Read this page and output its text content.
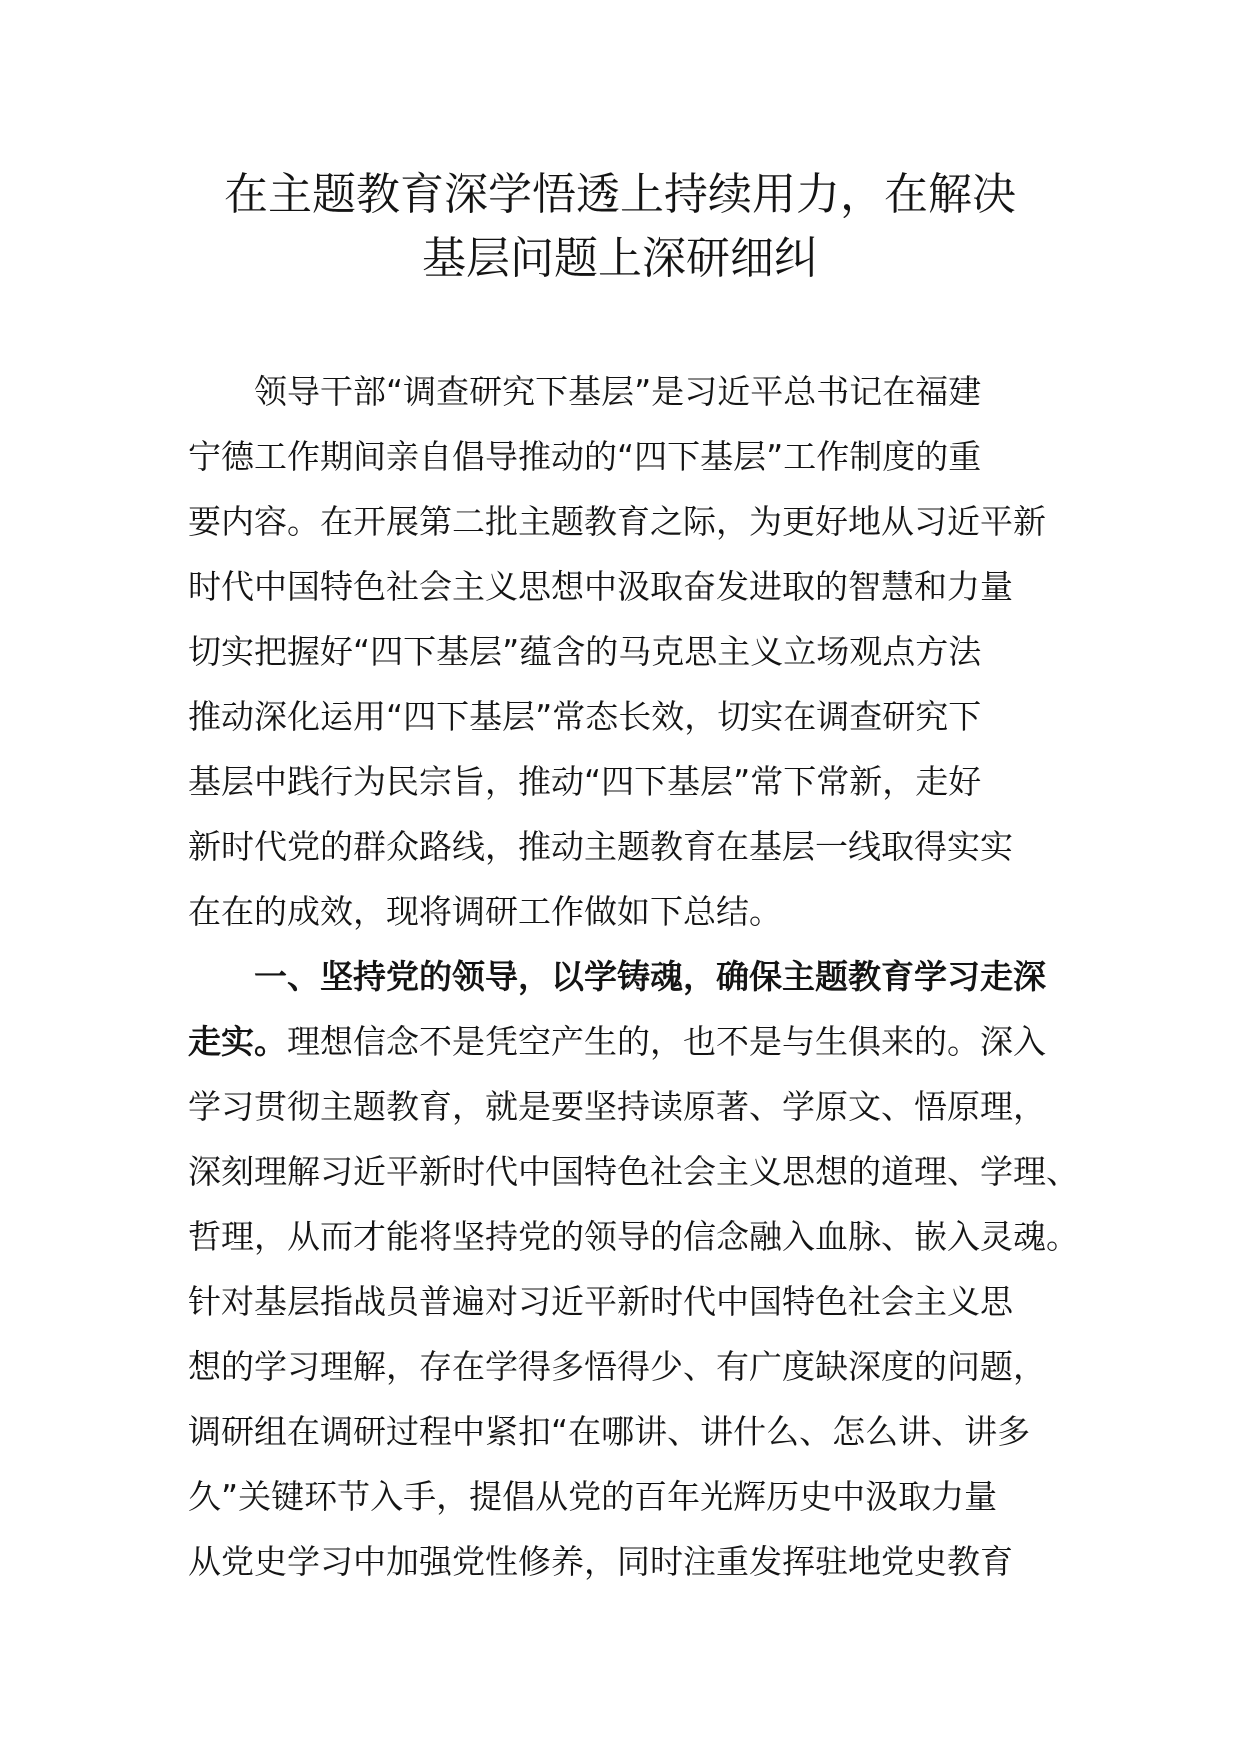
在主题教育深学悟透上持续用力，在解决
基层问题上深研细纠
领导干部“调查研究下基层”是习近平总书记在福建
宁德工作期间亲自倡导推动的“四下基层”工作制度的重
要内容。在开展第二批主题教育之际，为更好地从习近平新
时代中国特色社会主义思想中汲取奋发进取的智慧和力量
切实把握好“四下基层”蕴含的马克思主义立场观点方法
推动深化运用“四下基层”常态长效，切实在调查研究下
基层中践行为民宗旨，推动“四下基层”常下常新，走好
新时代党的群众路线，推动主题教育在基层一线取得实实
在在的成效，现将调研工作做如下总结。
一、坚持党的领导，以学铸魂，确保主题教育学习走深
走实。理想信念不是凭空产生的，也不是与生俱来的。深入
学习贯彻主题教育，就是要坚持读原著、学原文、悟原理，
深刻理解习近平新时代中国特色社会主义思想的道理、学理、
哲理，从而才能将坚持党的领导的信念融入血脉、嵌入灵魂。
针对基层指战员普遍对习近平新时代中国特色社会主义思
想的学习理解，存在学得多悟得少、有广度缺深度的问题，
调研组在调研过程中紧扣“在哪讲、讲什么、怎么讲、讲多
久”关键环节入手，提倡从党的百年光辉历史中汲取力量
从党史学习中加强党性修养，同时注重发挥驻地党史教育
